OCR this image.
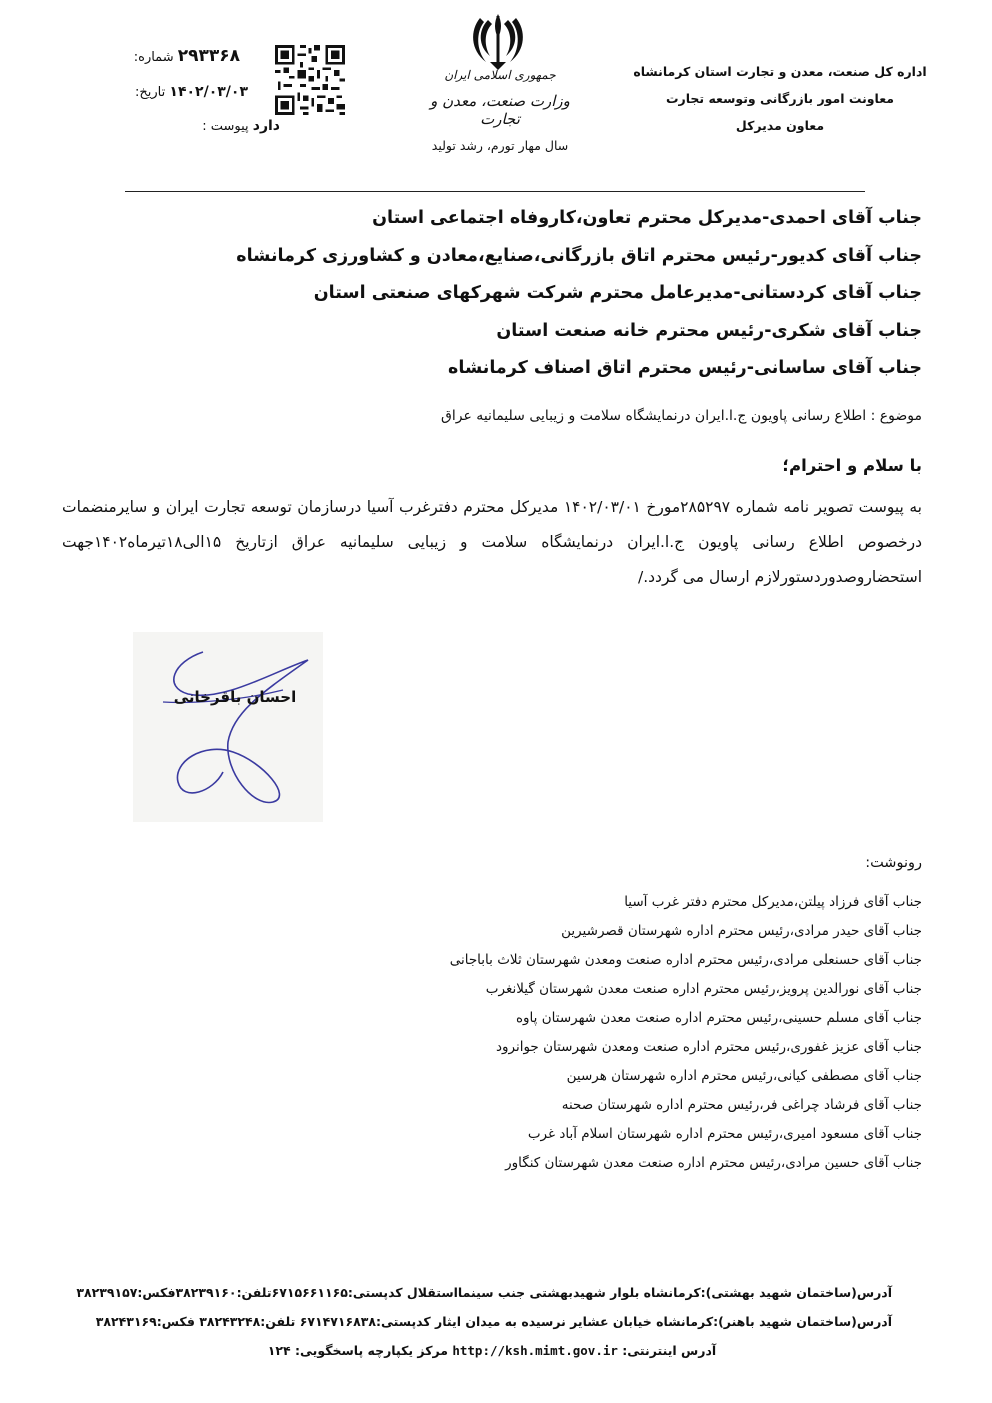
اداره کل صنعت، معدن و تجارت استان کرمانشاه
معاونت امور بازرگانی وتوسعه تجارت
معاون مدیرکل
جمهوری اسلامی ایران
وزارت صنعت، معدن و تجارت
سال مهار تورم، رشد تولید
۲۹۳۳۶۸ شماره:
۱۴۰۲/۰۳/۰۳ تاریخ:
دارد پیوست :
جناب آقای احمدی-مدیرکل محترم تعاون،کاروفاه اجتماعی استان
جناب آقای کدیور-رئیس محترم اتاق بازرگانی،صنایع،معادن و کشاورزی کرمانشاه
جناب آقای کردستانی-مدیرعامل محترم شرکت شهرکهای صنعتی استان
جناب آقای شکری-رئیس محترم خانه صنعت استان
جناب آقای ساسانی-رئیس محترم اتاق اصناف کرمانشاه
موضوع : اطلاع رسانی پاویون ج.ا.ایران درنمایشگاه سلامت و زیبایی سلیمانیه عراق
با سلام و احترام؛
به پیوست تصویر نامه شماره ۲۸۵۲۹۷مورخ ۱۴۰۲/۰۳/۰۱ مدیرکل محترم دفترغرب آسیا درسازمان توسعه تجارت ایران و سایرمنضمات درخصوص اطلاع رسانی پاویون ج.ا.ایران درنمایشگاه سلامت و زیبایی سلیمانیه عراق ازتاریخ ۱۵الی۱۸تیرماه۱۴۰۲جهت استحضاروصدوردستورلازم ارسال می گردد./
احسان باقرخانی
رونوشت:
جناب آقای فرزاد پیلتن،مدیرکل محترم دفتر غرب آسیا
جناب آقای حیدر مرادی،رئیس محترم اداره شهرستان قصرشیرین
جناب آقای حسنعلی مرادی،رئیس محترم اداره صنعت ومعدن شهرستان ثلاث باباجانی
جناب آقای نورالدین پرویز،رئیس محترم اداره صنعت معدن شهرستان گیلانغرب
جناب آقای مسلم حسینی،رئیس محترم اداره صنعت معدن شهرستان پاوه
جناب آقای عزیز غفوری،رئیس محترم اداره صنعت ومعدن شهرستان جوانرود
جناب آقای مصطفی کیانی،رئیس محترم اداره شهرستان هرسین
جناب آقای فرشاد چراغی فر،رئیس محترم اداره شهرستان صحنه
جناب آقای مسعود امیری،رئیس محترم اداره شهرستان اسلام آباد غرب
جناب آقای حسین مرادی،رئیس محترم اداره صنعت معدن شهرستان کنگاور
آدرس(ساختمان شهید بهشتی):کرمانشاه بلوار شهیدبهشتی جنب سینمااستقلال کدپستی:۶۷۱۵۶۶۱۱۶۵تلفن:۳۸۲۳۹۱۶۰فکس:۳۸۲۳۹۱۵۷
آدرس(ساختمان شهید باهنر):کرمانشاه خیابان عشایر نرسیده به میدان ایثار کدپستی:۶۷۱۴۷۱۶۸۳۸ تلفن:۳۸۲۴۳۲۴۸ فکس:۳۸۲۴۳۱۶۹
آدرس اینترنتی: http://ksh.mimt.gov.ir مرکز یکپارچه پاسخگویی: ۱۲۴
